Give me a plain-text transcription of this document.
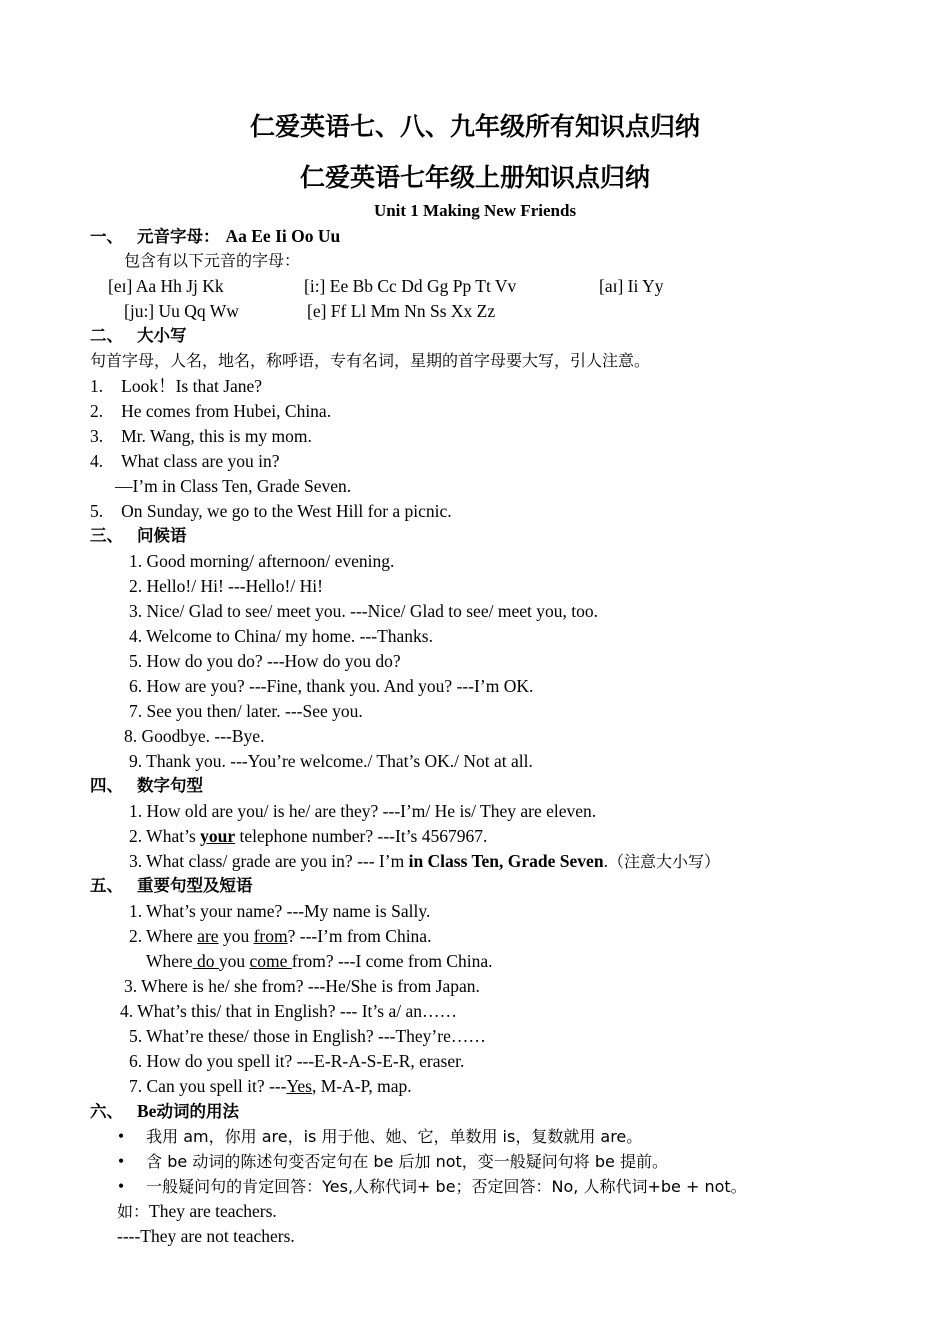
仁爱英语七、八、九年级所有知识点归纳
仁爱英语七年级上册知识点归纳
Unit 1 Making New Friends
一、 元音字母： Aa Ee Ii Oo Uu
包含有以下元音的字母：
[eɪ] Aa Hh Jj Kk	[i:] Ee Bb Cc Dd Gg Pp Tt Vv	[aɪ] Ii Yy
[ju:] Uu Qq Ww	[e] Ff Ll Mm Nn Ss Xx Zz
二、 大小写
句首字母，人名，地名，称呼语，专有名词，星期的首字母要大写，引人注意。
1. Look！Is that Jane?
2. He comes from Hubei, China.
3. Mr. Wang, this is my mom.
4. What class are you in?
—I’m in Class Ten, Grade Seven.
5. On Sunday, we go to the West Hill for a picnic.
三、 问候语
1. Good morning/ afternoon/ evening.
2. Hello!/ Hi! ---Hello!/ Hi!
3. Nice/ Glad to see/ meet you. ---Nice/ Glad to see/ meet you, too.
4. Welcome to China/ my home. ---Thanks.
5. How do you do? ---How do you do?
6. How are you? ---Fine, thank you. And you? ---I’m OK.
7. See you then/ later. ---See you.
8. Goodbye. ---Bye.
9. Thank you. ---You’re welcome./ That’s OK./ Not at all.
四、 数字句型
1. How old are you/ is he/ are they? ---I’m/ He is/ They are eleven.
2. What’s your telephone number? ---It’s 4567967.
3. What class/ grade are you in? --- I’m in Class Ten, Grade Seven.（注意大小写）
五、 重要句型及短语
1. What’s your name? ---My name is Sally.
2. Where are you from? ---I’m from China.
Where do you come from? ---I come from China.
3. Where is he/ she from? ---He/She is from Japan.
4. What’s this/ that in English? --- It’s a/ an……
5. What’re these/ those in English? ---They’re……
6. How do you spell it? ---E-R-A-S-E-R, eraser.
7. Can you spell it? ---Yes, M-A-P, map.
六、 Be动词的用法
• 我用 am，你用 are，is 用于他、她、它，单数用 is，复数就用 are。
• 含 be 动词的陈述句变否定句在 be 后加 not，变一般疑问句将 be 提前。
• 一般疑问句的肯定回答：Yes,人称代词+ be；否定回答：No, 人称代词+be + not。
如：They are teachers.
----They are not teachers.
